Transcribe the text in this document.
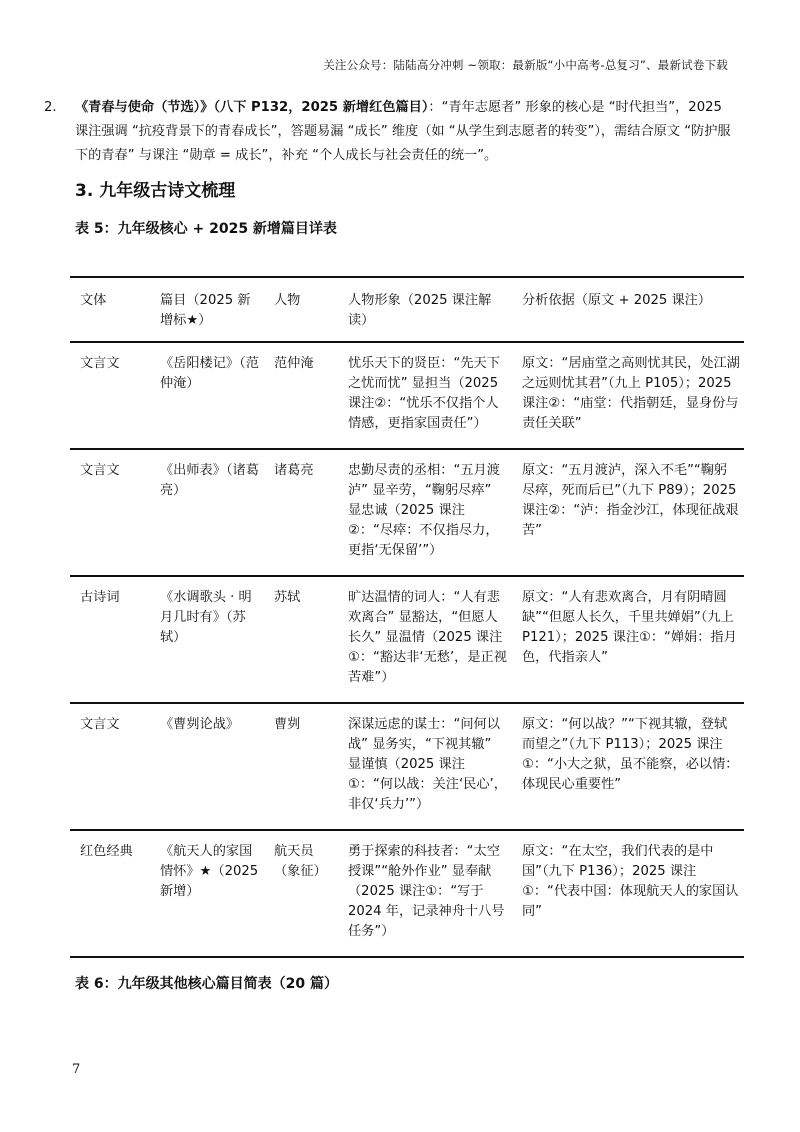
关注公众号：陆陆高分冲刺 ~领取：最新版“小中高考-总复习”、最新试卷下载
2. 《青春与使命（节选）》（八下 P132，2025 新增红色篇目）：“青年志愿者” 形象的核心是 “时代担当”，2025 课注强调 “抗疫背景下的青春成长”，答题易漏 “成长” 维度（如 “从学生到志愿者的转变”），需结合原文 “防护服下的青春” 与课注 “勋章 = 成长”，补充 “个人成长与社会责任的统一”。
3. 九年级古诗文梳理
表 5：九年级核心 + 2025 新增篇目详表
文体	篇目（2025 新增标★）	人物	人物形象（2025 课注解读）	分析依据（原文 + 2025 课注）
文言文	《岳阳楼记》（范仲淹）	范仲淹	忧乐天下的贤臣：“先天下之忧而忧” 显担当（2025 课注②：“忧乐不仅指个人情感，更指家国责任”）	原文：“居庙堂之高则忧其民，处江湖之远则忧其君”（九上 P105）；2025 课注②：“庙堂：代指朝廷，显身份与责任关联”
文言文	《出师表》（诸葛亮）	诸葛亮	忠勤尽责的丞相：“五月渡泸” 显辛劳，“鞠躬尽瘁” 显忠诚（2025 课注②：“尽瘁：不仅指尽力，更指‘无保留’”）	原文：“五月渡泸，深入不毛”“鞠躬尽瘁，死而后已”（九下 P89）；2025 课注②：“泸：指金沙江，体现征战艰苦”
古诗词	《水调歌头 · 明月几时有》（苏轼）	苏轼	旷达温情的词人：“人有悲欢离合” 显豁达，“但愿人长久” 显温情（2025 课注①：“豁达非‘无愁’，是正视苦难”）	原文：“人有悲欢离合，月有阴晴圆缺”“但愿人长久，千里共婵娟”（九上 P121）；2025 课注①：“婵娟：指月色，代指亲人”
文言文	《曹刿论战》	曹刿	深谋远虑的谋士：“问何以战” 显务实，“下视其辙” 显谨慎（2025 课注①：“何以战：关注‘民心’，非仅‘兵力’”）	原文：“何以战？”“下视其辙，登轼而望之”（九下 P113）；2025 课注①：“小大之狱，虽不能察，必以情：体现民心重要性”
红色经典	《航天人的家国情怀》★（2025 新增）	航天员（象征）	勇于探索的科技者：“太空授课”“舱外作业” 显奉献（2025 课注①：“写于 2024 年，记录神舟十八号任务”）	原文：“在太空，我们代表的是中国”（九下 P136）；2025 课注①：“代表中国：体现航天人的家国认同”
表 6：九年级其他核心篇目简表（20 篇）
7
